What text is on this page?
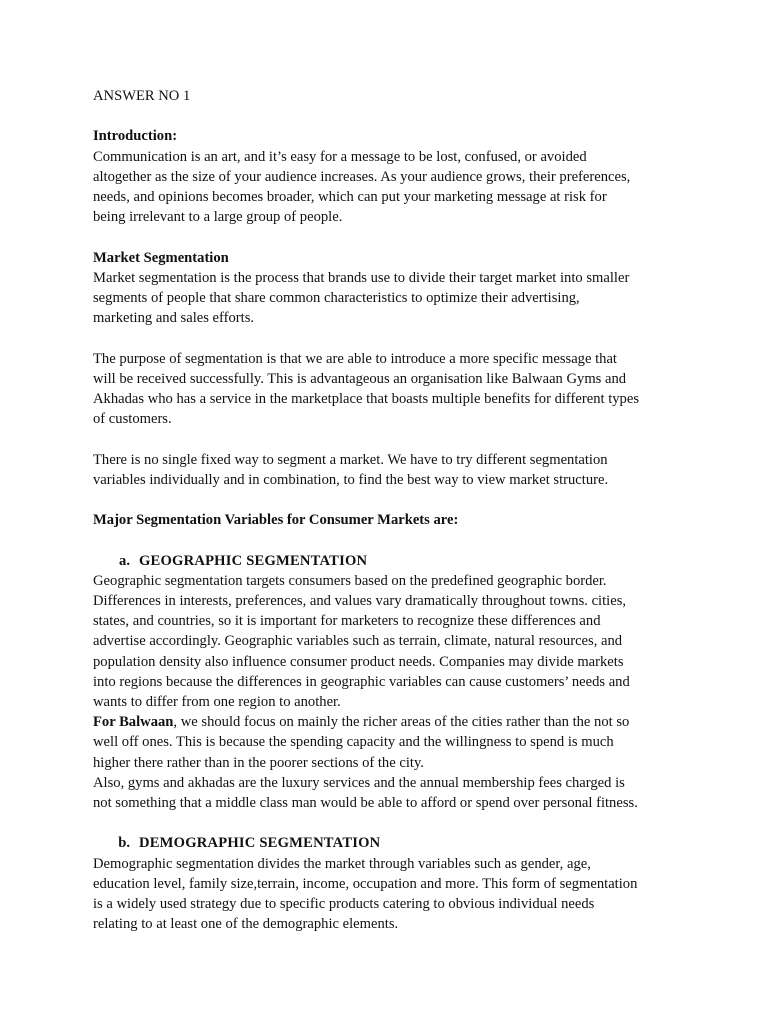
ANSWER NO 1

Introduction:

Communication is an art, and it’s easy for a message to be lost, confused, or avoided
altogether as the size of your audience increases. As your audience grows, their preferences,
needs, and opinions becomes broader, which can put your marketing message at risk for
being irrelevant to a large group of people.

Market Segmentation

Market segmentation is the process that brands use to divide their target market into smaller
segments of people that share common characteristics to optimize their advertising,
marketing and sales efforts.

The purpose of segmentation is that we are able to introduce a more specific message that
will be received successfully. This is advantageous an organisation like Balwaan Gyms and
Akhadas who has a service in the marketplace that boasts multiple benefits for different types
of customers.

There is no single fixed way to segment a market. We have to try different segmentation
variables individually and in combination, to find the best way to view market structure.

Major Segmentation Variables for Consumer Markets are:

a. GEOGRAPHIC SEGMENTATION

Geographic segmentation targets consumers based on the predefined geographic border.
Differences in interests, preferences, and values vary dramatically throughout towns. cities,
states, and countries, so it is important for marketers to recognize these differences and
advertise accordingly. Geographic variables such as terrain, climate, natural resources, and
population density also influence consumer product needs. Companies may divide markets
into regions because the differences in geographic variables can cause customers’ needs and
wants to differ from one region to another.

For Balwaan, we should focus on mainly the richer areas of the cities rather than the not so
well off ones. This is because the spending capacity and the willingness to spend is much
higher there rather than in the poorer sections of the city.
Also, gyms and akhadas are the luxury services and the annual membership fees charged is
not something that a middle class man would be able to afford or spend over personal fitness.

b. DEMOGRAPHIC SEGMENTATION

Demographic segmentation divides the market through variables such as gender, age,
education level, family size,terrain, income, occupation and more. This form of segmentation
is a widely used strategy due to specific products catering to obvious individual needs
relating to at least one of the demographic elements.
